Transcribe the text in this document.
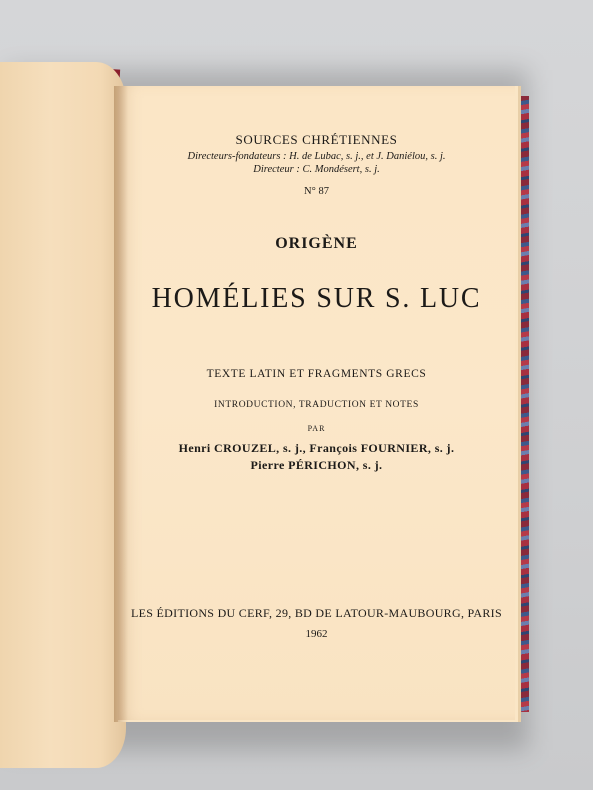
SOURCES CHRÉTIENNES
Directeurs-fondateurs : H. de Lubac, s. j., et J. Daniélou, s. j.
Directeur : C. Mondésert, s. j.
N° 87
ORIGÈNE
HOMÉLIES SUR S. LUC
TEXTE LATIN ET FRAGMENTS GRECS
INTRODUCTION, TRADUCTION ET NOTES
PAR
Henri CROUZEL, s. j., François FOURNIER, s. j.
Pierre PÉRICHON, s. j.
LES ÉDITIONS DU CERF, 29, BD DE LATOUR-MAUBOURG, PARIS
1962
